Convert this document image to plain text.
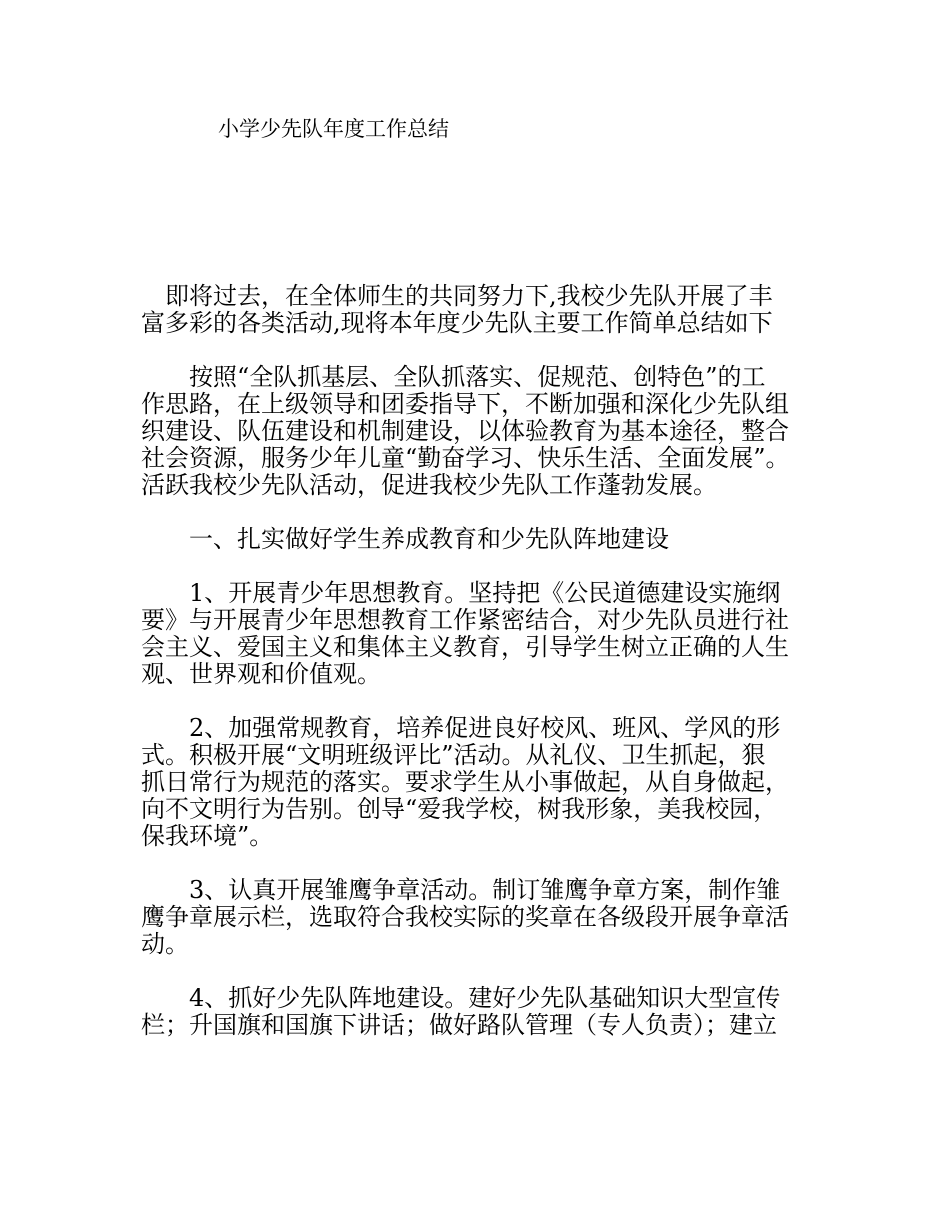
小学少先队年度工作总结

　即将过去，在全体师生的共同努力下,我校少先队开展了丰
富多彩的各类活动,现将本年度少先队主要工作简单总结如下

　　按照“全队抓基层、全队抓落实、促规范、创特色”的工
作思路，在上级领导和团委指导下，不断加强和深化少先队组
织建设、队伍建设和机制建设，以体验教育为基本途径，整合
社会资源，服务少年儿童“勤奋学习、快乐生活、全面发展”。
活跃我校少先队活动，促进我校少先队工作蓬勃发展。

　　一、扎实做好学生养成教育和少先队阵地建设

　　1、开展青少年思想教育。坚持把《公民道德建设实施纲
要》与开展青少年思想教育工作紧密结合，对少先队员进行社
会主义、爱国主义和集体主义教育，引导学生树立正确的人生
观、世界观和价值观。

　　2、加强常规教育，培养促进良好校风、班风、学风的形
式。积极开展“文明班级评比”活动。从礼仪、卫生抓起，狠
抓日常行为规范的落实。要求学生从小事做起，从自身做起，
向不文明行为告别。创导“爱我学校，树我形象，美我校园，
保我环境”。

　　3、认真开展雏鹰争章活动。制订雏鹰争章方案，制作雏
鹰争章展示栏，选取符合我校实际的奖章在各级段开展争章活
动。

　　4、抓好少先队阵地建设。建好少先队基础知识大型宣传
栏；升国旗和国旗下讲话；做好路队管理（专人负责）；建立
